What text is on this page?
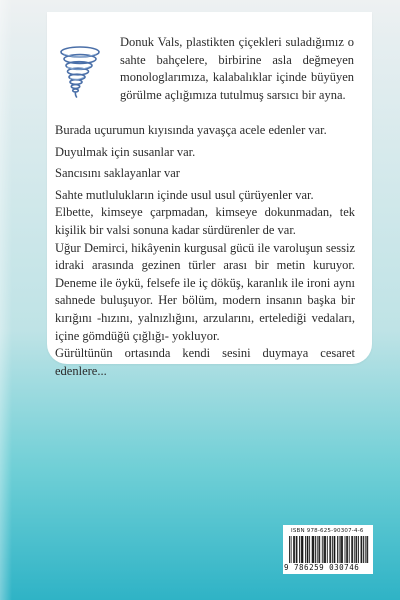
Donuk Vals, plastikten çiçekleri suladığımız o sahte bahçelere, birbirine asla değmeyen monologlarımıza, kalabalıklar içinde büyüyen görülme açlığımıza tutulmuş sarsıcı bir ayna.

Burada uçurumun kıyısında yavaşça acele edenler var.

Duyulmak için susanlar var.

Sancısını saklayanlar var

Sahte mutlulukların içinde usul usul çürüyenler var.

Elbette, kimseye çarpmadan, kimseye dokunmadan, tek kişilik bir valsi sonuna kadar sürdürenler de var.

Uğur Demirci, hikâyenin kurgusal gücü ile varoluşun sessiz idraki arasında gezinen türler arası bir metin kuruyor. Deneme ile öykü, felsefe ile iç döküş, karanlık ile ironi aynı sahnede buluşuyor. Her bölüm, modern insanın başka bir kırığını -hızını, yalnızlığını, arzularını, ertelediği vedaları, içine gömdüğü çığlığı- yokluyor.

Gürültünün ortasında kendi sesini duymaya cesaret edenlere...

ISBN 978-625-90307-4-6
9 786259 030746
